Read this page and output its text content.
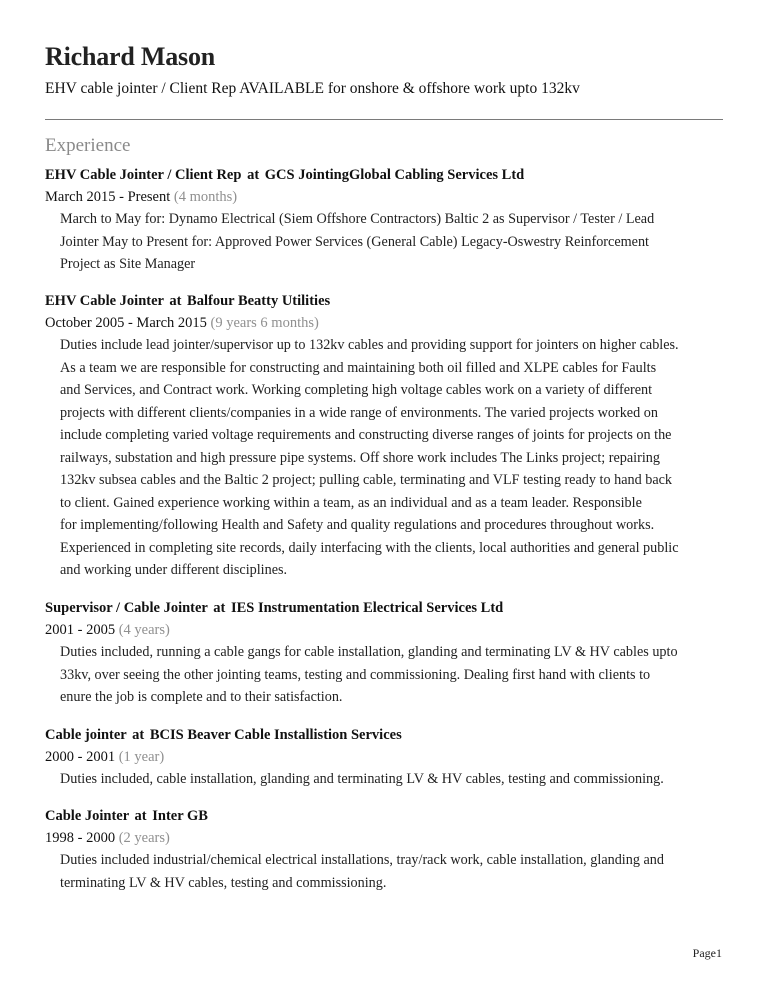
Richard Mason
EHV cable jointer / Client Rep AVAILABLE for onshore & offshore work upto 132kv
Experience
EHV Cable Jointer / Client Rep at GCS JointingGlobal Cabling Services Ltd
March 2015 - Present (4 months)
March to May for: Dynamo Electrical (Siem Offshore Contractors) Baltic 2 as Supervisor / Tester / Lead
Jointer May to Present for: Approved Power Services (General Cable) Legacy-Oswestry Reinforcement
Project as Site Manager
EHV Cable Jointer at Balfour Beatty Utilities
October 2005 - March 2015 (9 years 6 months)
Duties include lead jointer/supervisor up to 132kv cables and providing support for jointers on higher cables.
As a team we are responsible for constructing and maintaining both oil filled and XLPE cables for Faults
and Services, and Contract work. Working completing high voltage cables work on a variety of different
projects with different clients/companies in a wide range of environments. The varied projects worked on
include completing varied voltage requirements and constructing diverse ranges of joints for projects on the
railways, substation and high pressure pipe systems. Off shore work includes The Links project; repairing
132kv subsea cables and the Baltic 2 project; pulling cable, terminating and VLF testing ready to hand back
to client. Gained experience working within a team, as an individual and as a team leader. Responsible
for implementing/following Health and Safety and quality regulations and procedures throughout works.
Experienced in completing site records, daily interfacing with the clients, local authorities and general public
and working under different disciplines.
Supervisor / Cable Jointer at IES Instrumentation Electrical Services Ltd
2001 - 2005 (4 years)
Duties included, running a cable gangs for cable installation, glanding and terminating LV & HV cables upto
33kv, over seeing the other jointing teams, testing and commissioning. Dealing first hand with clients to
enure the job is complete and to their satisfaction.
Cable jointer at BCIS Beaver Cable Installistion Services
2000 - 2001 (1 year)
Duties included, cable installation, glanding and terminating LV & HV cables, testing and commissioning.
Cable Jointer at Inter GB
1998 - 2000 (2 years)
Duties included industrial/chemical electrical installations, tray/rack work, cable installation, glanding and
terminating LV & HV cables, testing and commissioning.
Page1
